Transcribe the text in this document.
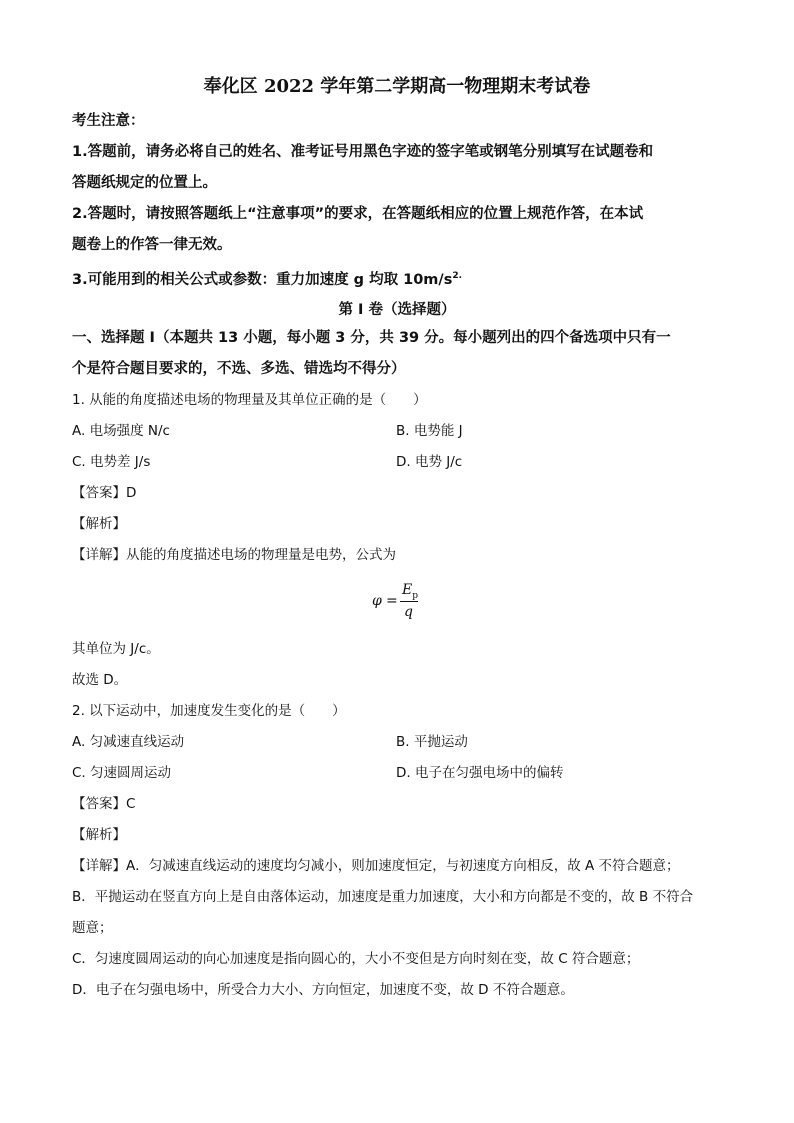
奉化区 2022 学年第二学期高一物理期末考试卷
考生注意：
1.答题前，请务必将自己的姓名、准考证号用黑色字迹的签字笔或钢笔分别填写在试题卷和
答题纸规定的位置上。
2.答题时，请按照答题纸上“注意事项”的要求，在答题纸相应的位置上规范作答，在本试
题卷上的作答一律无效。
3.可能用到的相关公式或参数：重力加速度 g 均取 $10m/s^{2.}$
第 I 卷（选择题）
一、选择题 I（本题共 13 小题，每小题 3 分，共 39 分。每小题列出的四个备选项中只有一
个是符合题目要求的，不选、多选、错选均不得分）
1. 从能的角度描述电场的物理量及其单位正确的是（　　）
A. 电场强度 N/c	B. 电势能 J
C. 电势差 J/s	D. 电势 J/c
【答案】D
【解析】
【详解】从能的角度描述电场的物理量是电势，公式为
φ =
$E_p$
q
其单位为 J/c。
故选 D。
2. 以下运动中，加速度发生变化的是（　　）
A. 匀减速直线运动	B. 平抛运动
C. 匀速圆周运动	D. 电子在匀强电场中的偏转
【答案】C
【解析】
【详解】A．匀减速直线运动的速度均匀减小，则加速度恒定，与初速度方向相反，故 A 不符合题意；
B．平抛运动在竖直方向上是自由落体运动，加速度是重力加速度，大小和方向都是不变的，故 B 不符合
题意；
C．匀速度圆周运动的向心加速度是指向圆心的，大小不变但是方向时刻在变，故 C 符合题意；
D．电子在匀强电场中，所受合力大小、方向恒定，加速度不变，故 D 不符合题意。
